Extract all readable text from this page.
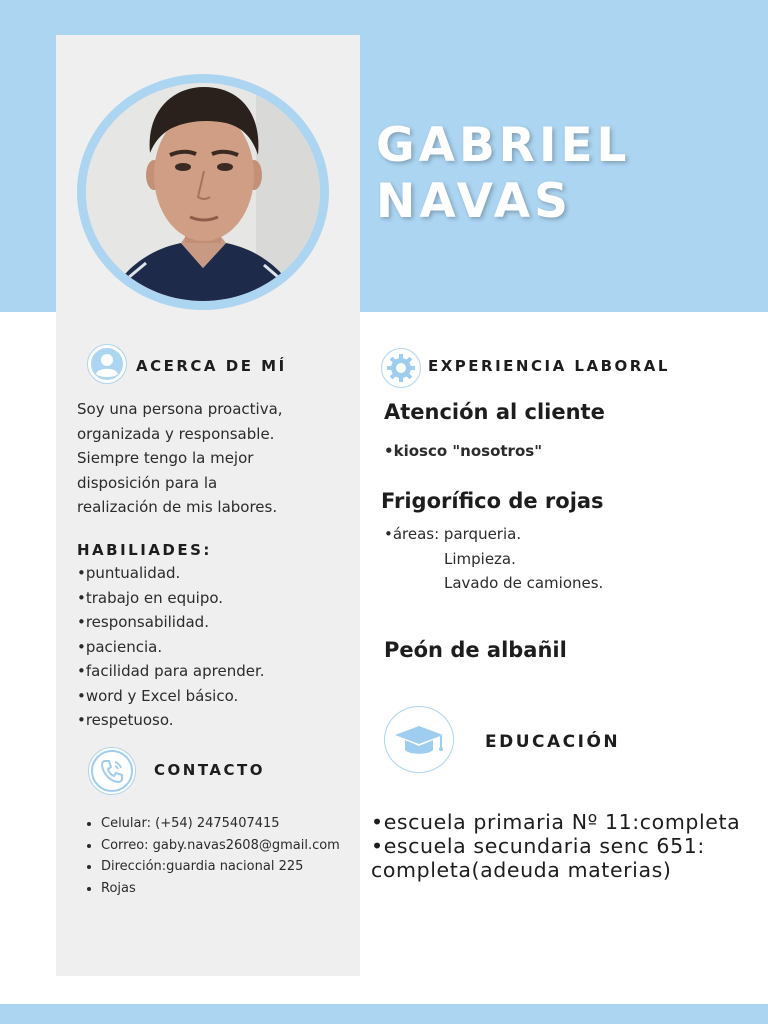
GABRIEL
NAVAS
ACERCA DE MÍ
Soy una persona proactiva,
organizada y responsable.
Siempre tengo la mejor
disposición para la
realización de mis labores.
HABILIADES:
•puntualidad.
•trabajo en equipo.
•responsabilidad.
•paciencia.
•facilidad para aprender.
•word y Excel básico.
•respetuoso.
CONTACTO
• Celular: (+54) 2475407415
• Correo: gaby.navas2608@gmail.com
• Dirección:guardia nacional 225
• Rojas
EXPERIENCIA LABORAL
Atención al cliente
•kiosco "nosotros"
Frigorífico de rojas
•áreas: parqueria.
Limpieza.
Lavado de camiones.
Peón de albañil
EDUCACIÓN
•escuela primaria Nº 11:completa
•escuela secundaria senc 651:
completa(adeuda materias)
